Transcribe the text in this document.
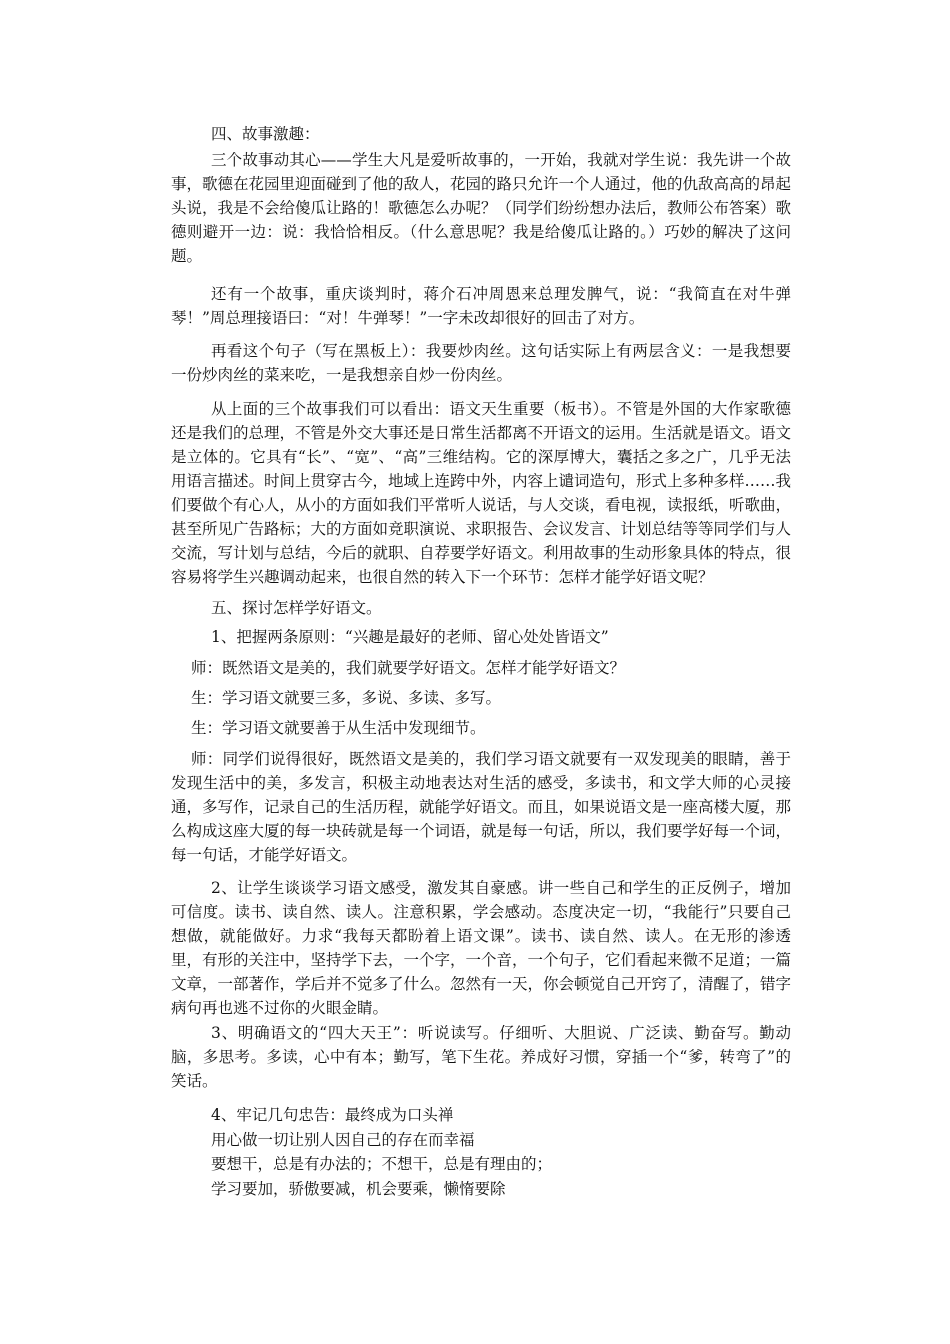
四、故事激趣：

三个故事动其心——学生大凡是爱听故事的，一开始，我就对学生说：我先讲一个故事，歌德在花园里迎面碰到了他的敌人，花园的路只允许一个人通过，他的仇敌高高的昂起头说，我是不会给傻瓜让路的！歌德怎么办呢？（同学们纷纷想办法后，教师公布答案）歌德则避开一边：说：我恰恰相反。（什么意思呢？我是给傻瓜让路的。）巧妙的解决了这问题。

还有一个故事，重庆谈判时，蒋介石冲周恩来总理发脾气，说：“我简直在对牛弹琴！”周总理接语曰：“对！牛弹琴！”一字未改却很好的回击了对方。

再看这个句子（写在黑板上）：我要炒肉丝。这句话实际上有两层含义：一是我想要一份炒肉丝的菜来吃，一是我想亲自炒一份肉丝。

从上面的三个故事我们可以看出：语文天生重要（板书）。不管是外国的大作家歌德还是我们的总理，不管是外交大事还是日常生活都离不开语文的运用。生活就是语文。语文是立体的。它具有“长”、“宽”、“高”三维结构。它的深厚博大，囊括之多之广，几乎无法用语言描述。时间上贯穿古今，地域上连跨中外，内容上谴词造句，形式上多种多样……我们要做个有心人，从小的方面如我们平常听人说话，与人交谈，看电视，读报纸，听歌曲，甚至所见广告路标；大的方面如竞职演说、求职报告、会议发言、计划总结等等同学们与人交流，写计划与总结，今后的就职、自荐要学好语文。利用故事的生动形象具体的特点，很容易将学生兴趣调动起来，也很自然的转入下一个环节：怎样才能学好语文呢？

五、探讨怎样学好语文。

1、把握两条原则：“兴趣是最好的老师、留心处处皆语文”

师：既然语文是美的，我们就要学好语文。怎样才能学好语文？

生：学习语文就要三多，多说、多读、多写。

生：学习语文就要善于从生活中发现细节。

师：同学们说得很好，既然语文是美的，我们学习语文就要有一双发现美的眼睛，善于发现生活中的美，多发言，积极主动地表达对生活的感受，多读书，和文学大师的心灵接通，多写作，记录自己的生活历程，就能学好语文。而且，如果说语文是一座高楼大厦，那么构成这座大厦的每一块砖就是每一个词语，就是每一句话，所以，我们要学好每一个词，每一句话，才能学好语文。

2、让学生谈谈学习语文感受，激发其自豪感。讲一些自己和学生的正反例子，增加可信度。读书、读自然、读人。注意积累，学会感动。态度决定一切，“我能行”只要自己想做，就能做好。力求“我每天都盼着上语文课”。读书、读自然、读人。在无形的渗透里，有形的关注中，坚持学下去，一个字，一个音，一个句子，它们看起来微不足道；一篇文章，一部著作，学后并不觉多了什么。忽然有一天，你会顿觉自己开窍了，清醒了，错字病句再也逃不过你的火眼金睛。

3、明确语文的“四大天王”：听说读写。仔细听、大胆说、广泛读、勤奋写。勤动脑，多思考。多读，心中有本；勤写，笔下生花。养成好习惯，穿插一个“爹，转弯了”的笑话。

4、牢记几句忠告：最终成为口头禅

用心做一切让别人因自己的存在而幸福

要想干，总是有办法的；不想干，总是有理由的；

学习要加，骄傲要减，机会要乘，懒惰要除
